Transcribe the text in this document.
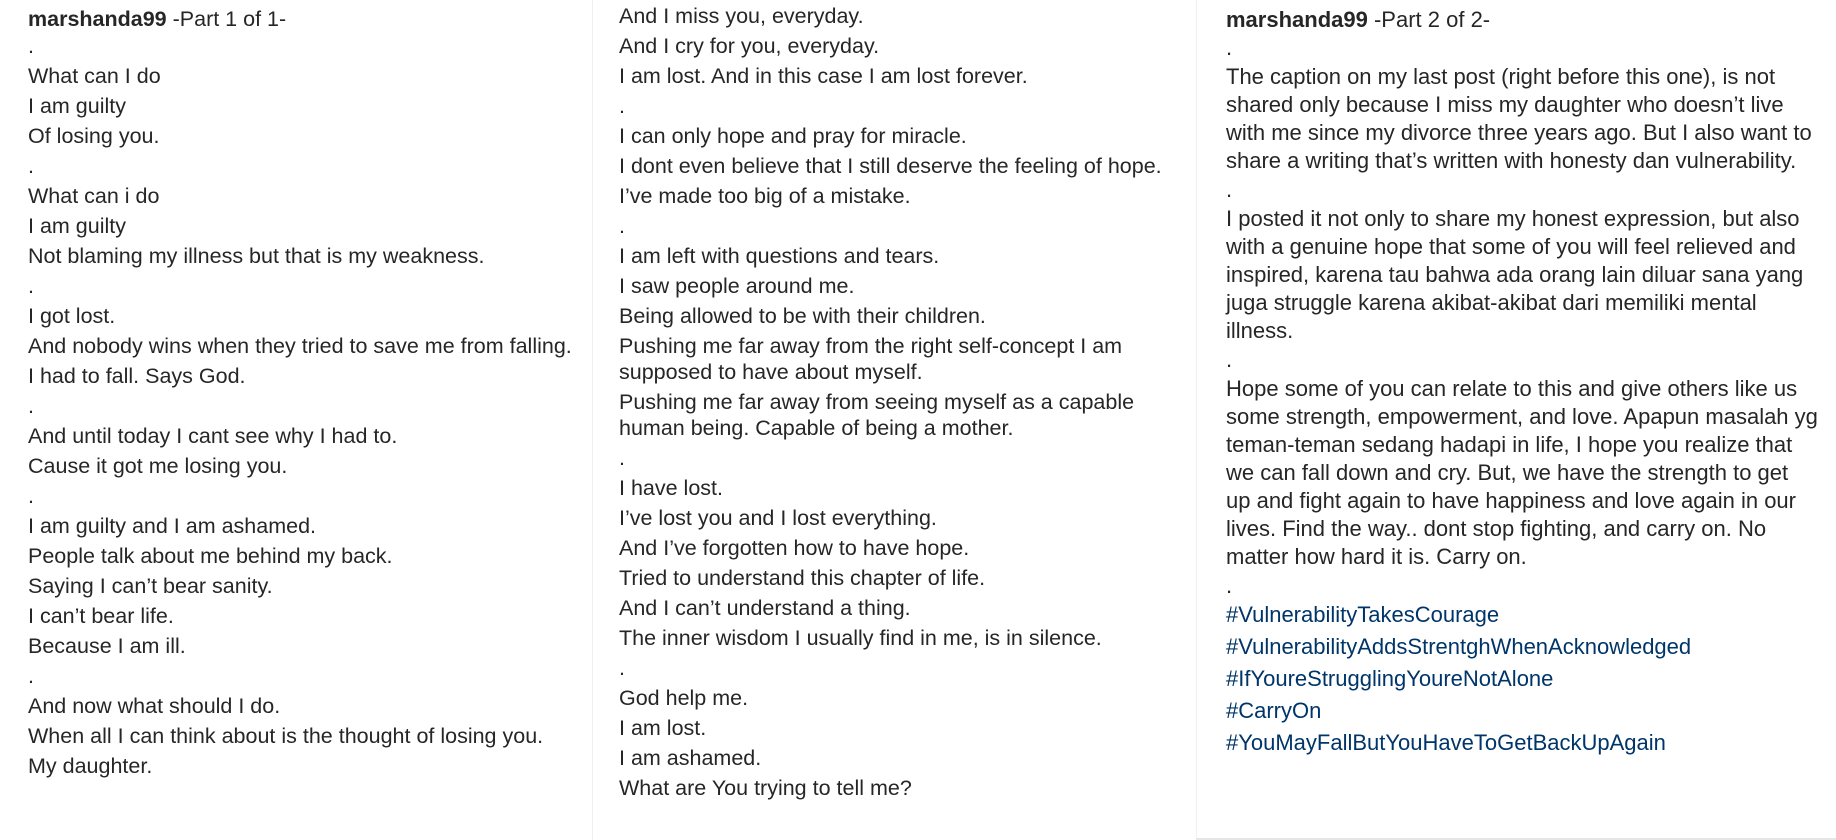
marshanda99 -Part 1 of 1-
.
What can I do
I am guilty
Of losing you.
.
What can i do
I am guilty
Not blaming my illness but that is my weakness.
.
I got lost.
And nobody wins when they tried to save me from falling.
I had to fall. Says God.
.
And until today I cant see why I had to.
Cause it got me losing you.
.
I am guilty and I am ashamed.
People talk about me behind my back.
Saying I can’t bear sanity.
I can’t bear life.
Because I am ill.
.
And now what should I do.
When all I can think about is the thought of losing you.
My daughter.
And I miss you, everyday.
And I cry for you, everyday.
I am lost. And in this case I am lost forever.
.
I can only hope and pray for miracle.
I dont even believe that I still deserve the feeling of hope.
I’ve made too big of a mistake.
.
I am left with questions and tears.
I saw people around me.
Being allowed to be with their children.
Pushing me far away from the right self-concept I am supposed to have about myself.
Pushing me far away from seeing myself as a capable human being. Capable of being a mother.
.
I have lost.
I’ve lost you and I lost everything.
And I’ve forgotten how to have hope.
Tried to understand this chapter of life.
And I can’t understand a thing.
The inner wisdom I usually find in me, is in silence.
.
God help me.
I am lost.
I am ashamed.
What are You trying to tell me?
marshanda99 -Part 2 of 2-
.
The caption on my last post (right before this one), is not shared only because I miss my daughter who doesn’t live with me since my divorce three years ago. But I also want to share a writing that’s written with honesty dan vulnerability.
.
I posted it not only to share my honest expression, but also with a genuine hope that some of you will feel relieved and inspired, karena tau bahwa ada orang lain diluar sana yang juga struggle karena akibat-akibat dari memiliki mental illness.
.
Hope some of you can relate to this and give others like us some strength, empowerment, and love. Apapun masalah yg teman-teman sedang hadapi in life, I hope you realize that we can fall down and cry. But, we have the strength to get up and fight again to have happiness and love again in our lives. Find the way.. dont stop fighting, and carry on. No matter how hard it is. Carry on.
.
#VulnerabilityTakesCourage
#VulnerabilityAddsStrentghWhenAcknowledged
#IfYoureStrugglingYoureNotAlone
#CarryOn
#YouMayFallButYouHaveToGetBackUpAgain
